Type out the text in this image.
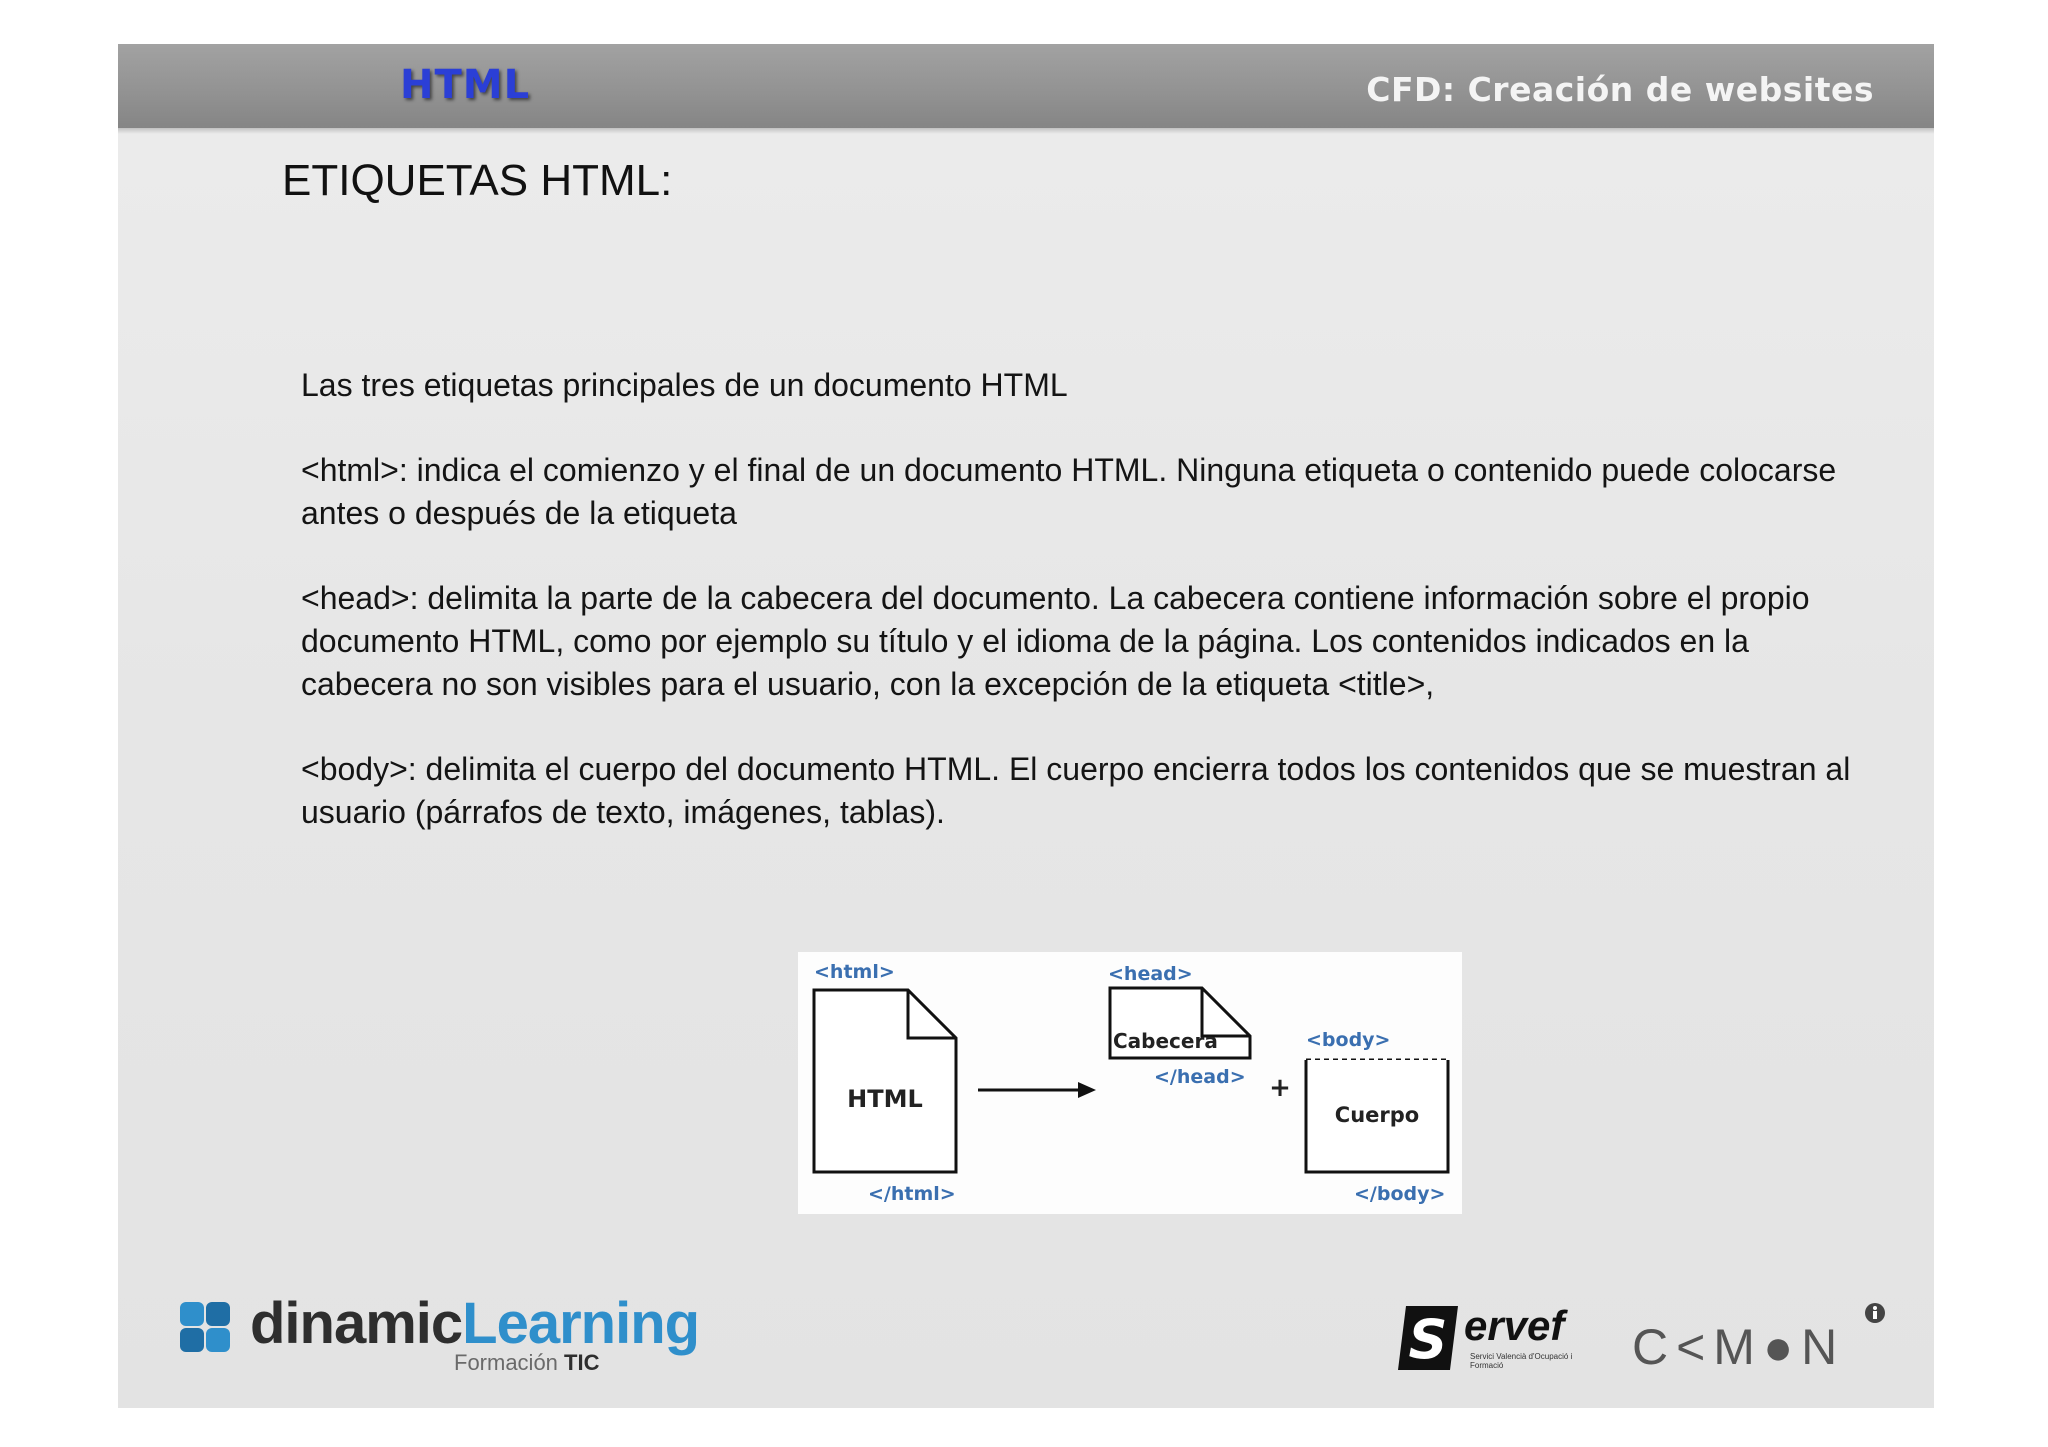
HTML	CFD: Creación de websites
ETIQUETAS HTML:

Las tres etiquetas principales de un documento HTML

<html>: indica el comienzo y el final de un documento HTML. Ninguna etiqueta o contenido puede colocarse antes o después de la etiqueta

<head>: delimita la parte de la cabecera del documento. La cabecera contiene información sobre el propio documento HTML, como por ejemplo su título y el idioma de la página. Los contenidos indicados en la cabecera no son visibles para el usuario, con la excepción de la etiqueta <title>,

<body>: delimita el cuerpo del documento HTML. El cuerpo encierra todos los contenidos que se muestran al usuario (párrafos de texto, imágenes, tablas).

<html>
HTML
</html>
<head>
Cabecera
</head> +
<body>
Cuerpo
</body>
dinamicLearning
Formación TIC	S ervef
Servici Valencià d'Ocupació i Formació	C<M●N
